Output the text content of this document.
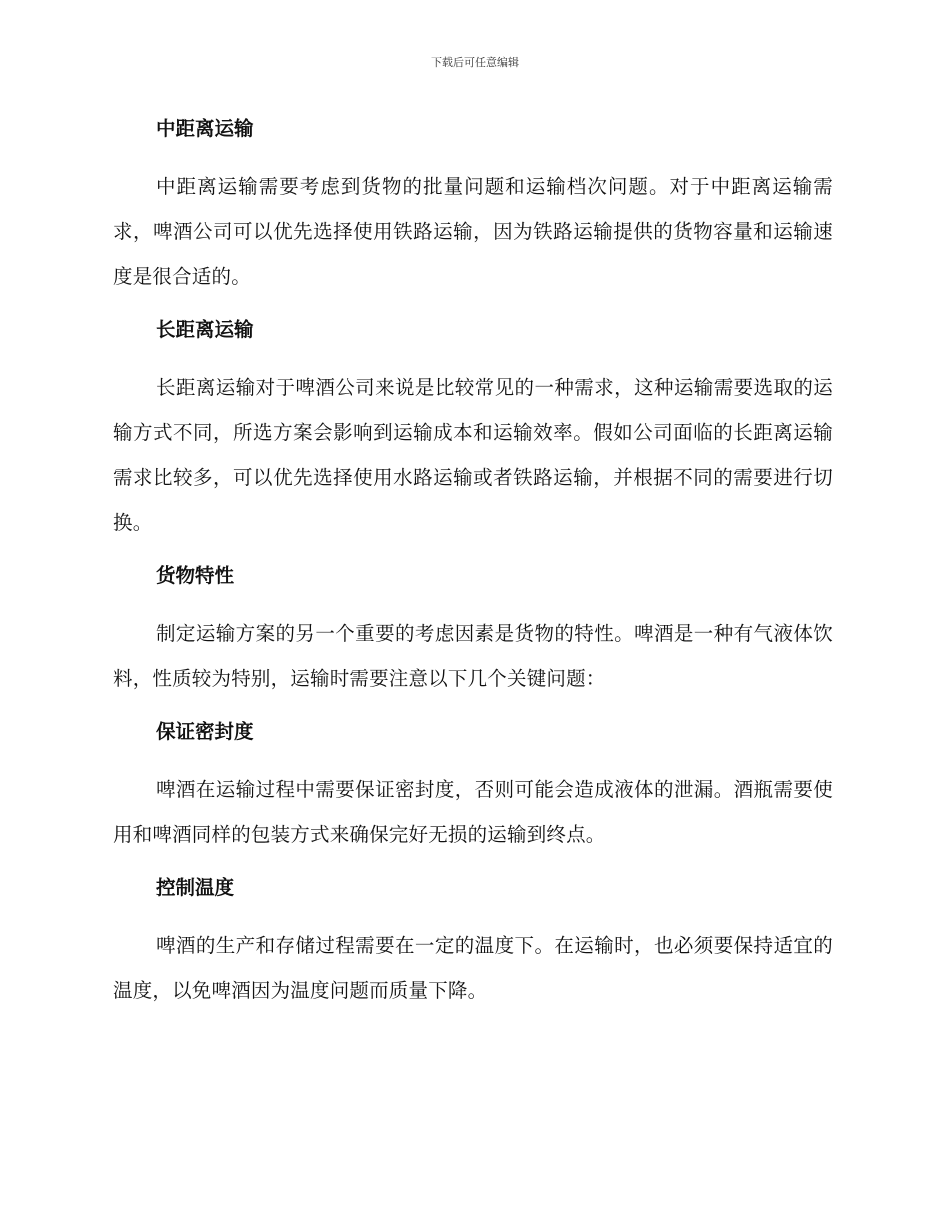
下载后可任意编辑
中距离运输

中距离运输需要考虑到货物的批量问题和运输档次问题。对于中距离运输需求，啤酒公司可以优先选择使用铁路运输，因为铁路运输提供的货物容量和运输速度是很合适的。

长距离运输

长距离运输对于啤酒公司来说是比较常见的一种需求，这种运输需要选取的运输方式不同，所选方案会影响到运输成本和运输效率。假如公司面临的长距离运输需求比较多，可以优先选择使用水路运输或者铁路运输，并根据不同的需要进行切换。

货物特性

制定运输方案的另一个重要的考虑因素是货物的特性。啤酒是一种有气液体饮料，性质较为特别，运输时需要注意以下几个关键问题：

保证密封度

啤酒在运输过程中需要保证密封度，否则可能会造成液体的泄漏。酒瓶需要使用和啤酒同样的包装方式来确保完好无损的运输到终点。

控制温度

啤酒的生产和存储过程需要在一定的温度下。在运输时，也必须要保持适宜的温度，以免啤酒因为温度问题而质量下降。
